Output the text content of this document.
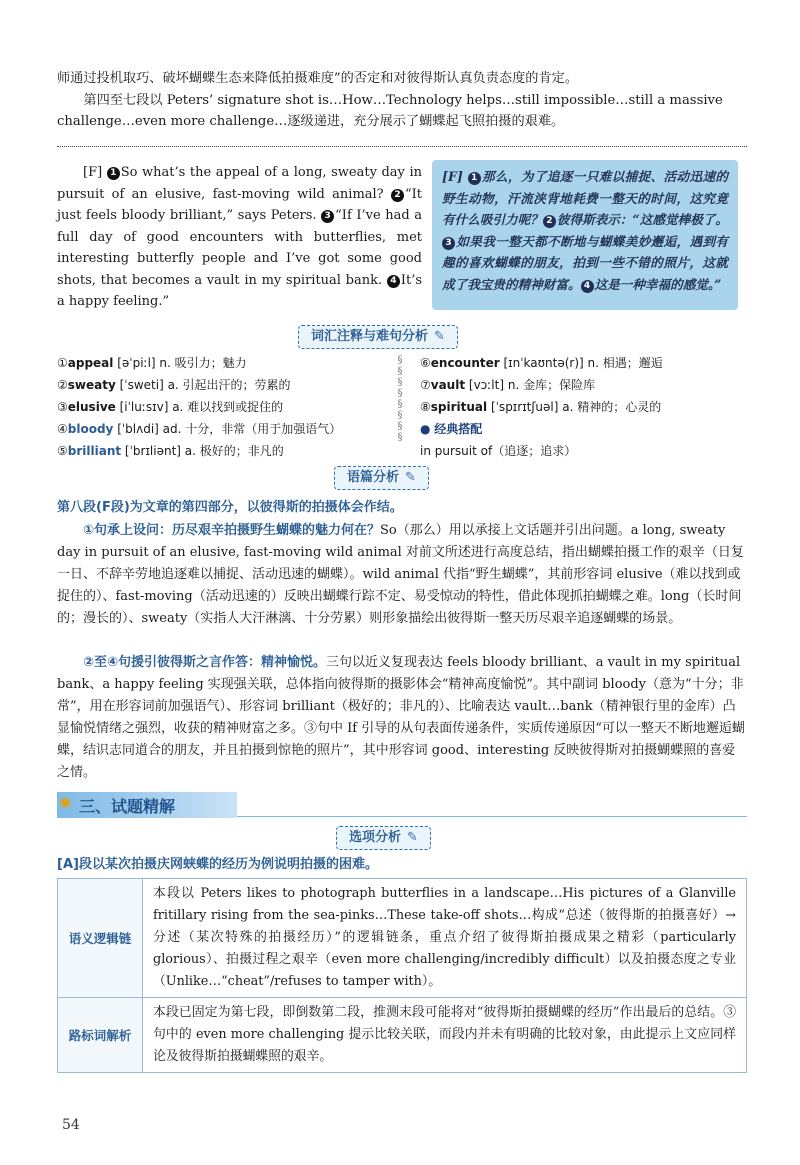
师通过投机取巧、破坏蝴蝶生态来降低拍摄难度”的否定和对彼得斯认真负责态度的肯定。

第四至七段以 Peters’ signature shot is…How…Technology helps…still impossible…still a massive challenge…even more challenge…逐级递进，充分展示了蝴蝶起飞照拍摄的艰难。

[F] 1 So what’s the appeal of a long, sweaty day in pursuit of an elusive, fast-moving wild animal? 2 “It just feels bloody brilliant,” says Peters. 3 “If I’ve had a full day of good encounters with butterflies, met interesting butterfly people and I’ve got some good shots, that becomes a vault in my spiritual bank. 4 It’s a happy feeling.”
[F] 1 那么，为了追逐一只难以捕捉、活动迅速的野生动物，汗流浃背地耗费一整天的时间，这究竟有什么吸引力呢？ 2 彼得斯表示：“这感觉棒极了。3 如果我一整天都不断地与蝴蝶美妙邂逅，遇到有趣的喜欢蝴蝶的朋友，拍到一些不错的照片，这就成了我宝贵的精神财富。 4 这是一种幸福的感觉。”
词汇注释与难句分析 ✎
①appeal [əˈpiːl] n. 吸引力；魅力
②sweaty [ˈsweti] a. 引起出汗的；劳累的
③elusive [iˈluːsɪv] a. 难以找到或捉住的
④bloody [ˈblʌdi] ad. 十分，非常（用于加强语气）
⑤brilliant [ˈbrɪliənt] a. 极好的；非凡的
§
§
§
§
§
§
§
§
⑥encounter [ɪnˈkaʊntə(r)] n. 相遇；邂逅
⑦vault [vɔːlt] n. 金库；保险库
⑧spiritual [ˈspɪrɪtʃuəl] a. 精神的；心灵的
● 经典搭配
in pursuit of（追逐；追求）
语篇分析 ✎

第八段(F段)为文章的第四部分，以彼得斯的拍摄体会作结。

①句承上设问：历尽艰辛拍摄野生蝴蝶的魅力何在？So（那么）用以承接上文话题并引出问题。a long, sweaty day in pursuit of an elusive, fast-moving wild animal 对前文所述进行高度总结，指出蝴蝶拍摄工作的艰辛（日复一日、不辞辛劳地追逐难以捕捉、活动迅速的蝴蝶）。wild animal 代指“野生蝴蝶”，其前形容词 elusive（难以找到或捉住的）、fast-moving（活动迅速的）反映出蝴蝶行踪不定、易受惊动的特性，借此体现抓拍蝴蝶之难。long（长时间的；漫长的）、sweaty（实指人大汗淋漓、十分劳累）则形象描绘出彼得斯一整天历尽艰辛追逐蝴蝶的场景。

②至④句援引彼得斯之言作答：精神愉悦。三句以近义复现表达 feels bloody brilliant、a vault in my spiritual bank、a happy feeling 实现强关联，总体指向彼得斯的摄影体会“精神高度愉悦”。其中副词 bloody（意为“十分；非常”，用在形容词前加强语气）、形容词 brilliant（极好的；非凡的）、比喻表达 vault…bank（精神银行里的金库）凸显愉悦情绪之强烈，收获的精神财富之多。③句中 If 引导的从句表面传递条件，实质传递原因“可以一整天不断地邂逅蝴蝶，结识志同道合的朋友，并且拍摄到惊艳的照片”，其中形容词 good、interesting 反映彼得斯对拍摄蝴蝶照的喜爱之情。

✺ 三、试题精解
选项分析 ✎

[A]段以某次拍摄庆网蛱蝶的经历为例说明拍摄的困难。

语义逻辑链	本段以 Peters likes to photograph butterflies in a landscape…His pictures of a Glanville fritillary rising from the sea-pinks…These take-off shots…构成“总述（彼得斯的拍摄喜好）→分述（某次特殊的拍摄经历）”的逻辑链条，重点介绍了彼得斯拍摄成果之精彩（particularly glorious）、拍摄过程之艰辛（even more challenging/incredibly difficult）以及拍摄态度之专业（Unlike…“cheat”/refuses to tamper with）。
路标词解析	本段已固定为第七段，即倒数第二段，推测末段可能将对“彼得斯拍摄蝴蝶的经历”作出最后的总结。③句中的 even more challenging 提示比较关联，而段内并未有明确的比较对象，由此提示上文应同样论及彼得斯拍摄蝴蝶照的艰辛。
54
